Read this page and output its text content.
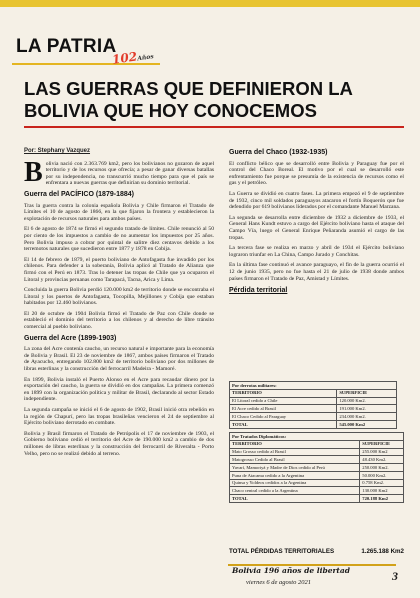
LA PATRIA
102Años
LAS GUERRAS QUE DEFINIERON LA BOLIVIA QUE HOY CONOCEMOS
Por: Stephany Vazquez

Bolivia nació con 2.363.769 km2, pero los bolivianos no gozaron de aquel territorio y de los recursos que ofrecía; a pesar de ganar diversas batallas por su independencia, no transcurrió mucho tiempo para que el país se enfrentara a nuevas guerras que definirían su dominio territorial.

Guerra del PACÍFICO (1879-1884)

Tras la guerra contra la colonia española Bolivia y Chile firmaron el Tratado de Límites el 10 de agosto de 1866, en la que fijaron la frontera y establecieron la explotación de recursos naturales para ambos países.

El 6 de agosto de 1874 se firmó el segundo tratado de límites. Chile renunció al 50 por ciento de los impuestos a cambio de no aumentar los impuestos por 25 años. Pero Bolivia impuso a cobrar por quintal de salitre diez centavos debido a los terremotos naturales que sucedieron entre 1877 y 1878 en Cobija.

El 14 de febrero de 1879, el puerto boliviano de Antofagasta fue invadido por los chilenos. Para defender a la soberanía, Bolivia aplicó al Tratado de Alianza que firmó con el Perú en 1873. Tras lo detener las tropas de Chile que ya ocuparon el Litoral y provincias peruanas como Tarapacá, Tacna, Arica y Lima.

Concluida la guerra Bolivia perdió 120.000 km2 de territorio donde se encontraba el Litoral y los puertos de Antofagasta, Tocopilla, Mejillones y Cobija que estaban habitados por 12.460 bolivianos.

El 20 de octubre de 1904 Bolivia firmó el Tratado de Paz con Chile donde se estableció el dominio del territorio a los chilenos y al derecho de libre tránsito comercial al pueblo boliviano.

Guerra del Acre (1899-1903)

La zona del Acre contenía caucho, un recurso natural e importante para la economía de Bolivia y Brasil. El 23 de noviembre de 1867, ambos países firmaron el Tratado de Ayacucho, entregando 102.800 km2 de territorio boliviano por dos millones de libras esterlinas y la construcción del ferrocarril Madeira - Mamoré.

En 1899, Bolivia instaló el Puerto Alonso en el Acre para recaudar dinero por la exportación del caucho, la guerra se dividió en dos campañas. La primera comenzó en 1899 con la organización política y militar de Brasil, declarando al sector Estado independiente.

La segunda campaña se inició el 6 de agosto de 1902, Brasil inició otra rebelión en la región de Chapurí, pero las tropas brasileñas vencieron el 24 de septiembre al Ejército boliviano derrotado en combate.

Bolivia y Brasil firmaron el Tratado de Petrópolis el 17 de noviembre de 1903, el Gobierno boliviano cedió el territorio del Acre de 190.000 km2 a cambio de dos millones de libras esterlinas y la construcción del ferrocarril de Riveralta - Porto Velho, pero no se realizó debido al terreno.

Guerra del Chaco (1932-1935)

El conflicto bélico que se desarrolló entre Bolivia y Paraguay fue por el control del Chaco Boreal. El motivo por el cual se desarrolló este enfrentamiento fue porque se presumía de la existencia de recursos como el gas y el petróleo.

La Guerra se dividió en cuatro fases. La primera empezó el 9 de septiembre de 1932, cinco mil soldados paraguayos atacaron el fortín Boquerón que fue defendido por 619 bolivianos liderados por el comandante Manuel Marzana.

La segunda se desarrolla entre diciembre de 1932 a diciembre de 1933, el General Hans Kundt estuvo a cargo del Ejército boliviano hasta el ataque del Campo Vía, luego el General Enrique Peñaranda asumió el cargo de las tropas.

La tercera fase se realiza en marzo y abril de 1934 el Ejército boliviano lograron triunfar en La China, Campo Jurado y Conchitas.

En la última fase continuó el avance paraguayo, el fin de la guerra ocurrió el 12 de junio 1935, pero no fue hasta el 21 de julio de 1938 donde ambos países firmaron el Tratado de Paz, Amistad y Límites.

Pérdida territorial
Por derrotas militares:	
TERRITORIO	SUPERFICIE
El Litoral cedido a Chile	120.000 Km2.
El Acre cedido al Brasil	191.000 Km2.
El Chaco Cedido al Paraguay	234.000 Km2.
TOTAL	545.000 Km2
Por Tratados Diplomáticos:	
TERRITORIO	SUPERFICIE
Mato Grosso cedido al Brasil	255.000 Km2
Matogrosso Cedido al Brasil	48.430 Km2.
Yavarí, Mamoriyá y Madre de Dios cedido al Perú	250.000 Km2.
Puna de Atacama cedido a la Argentina	50.000 Km2.
Quinsa y Yoldeos cedidos a la Argentina	0.758 Km2.
Chaco central cedido a la Argentina	130.000 Km2
TOTAL	720.188 Km2
TOTAL PÉRDIDAS TERRITORIALES	1.265.188 Km2
Bolivia 196 años de libertad
viernes 6 de agosto 2021	3
